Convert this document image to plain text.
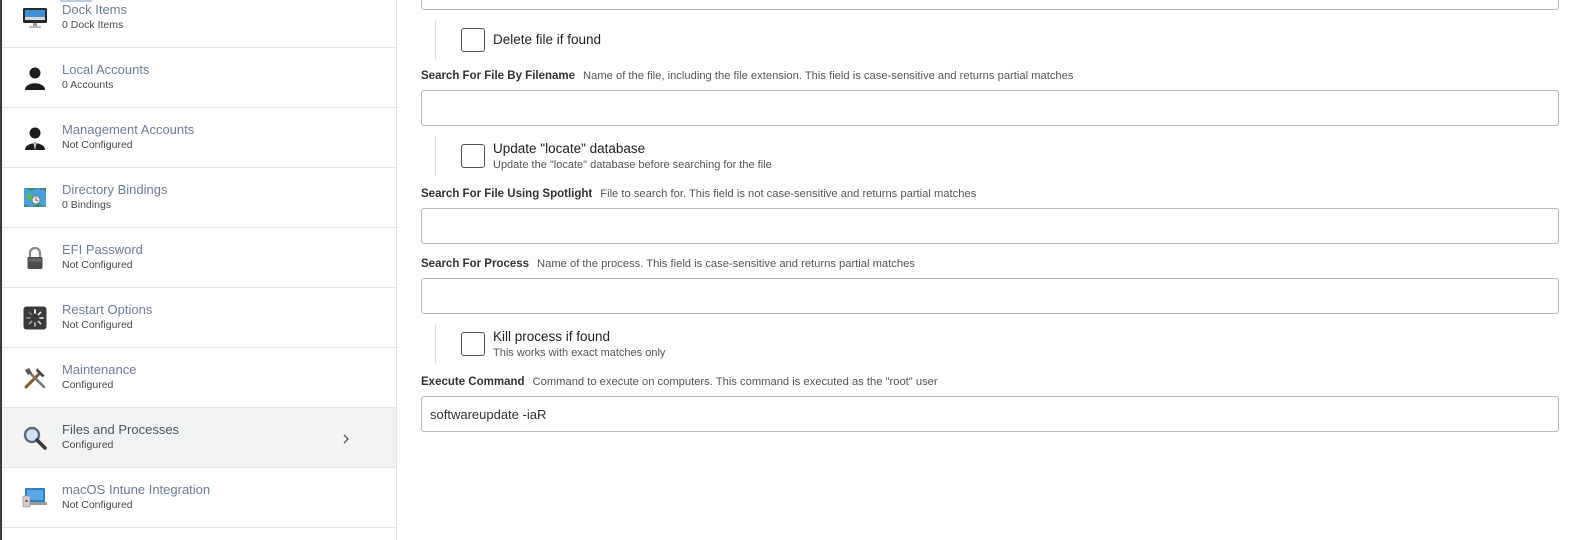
Dock Items
0 Dock Items
Local Accounts
0 Accounts
Management Accounts
Not Configured
Directory Bindings
0 Bindings
EFI Password
Not Configured
Restart Options
Not Configured
Maintenance
Configured
Files and Processes
Configured
macOS Intune Integration
Not Configured
Delete file if found
Search For File By Filename Name of the file, including the file extension. This field is case-sensitive and returns partial matches
Update "locate" database
Update the "locate" database before searching for the file
Search For File Using Spotlight File to search for. This field is not case-sensitive and returns partial matches
Search For Process Name of the process. This field is case-sensitive and returns partial matches
Kill process if found
This works with exact matches only
Execute Command Command to execute on computers. This command is executed as the "root" user
softwareupdate -iaR
